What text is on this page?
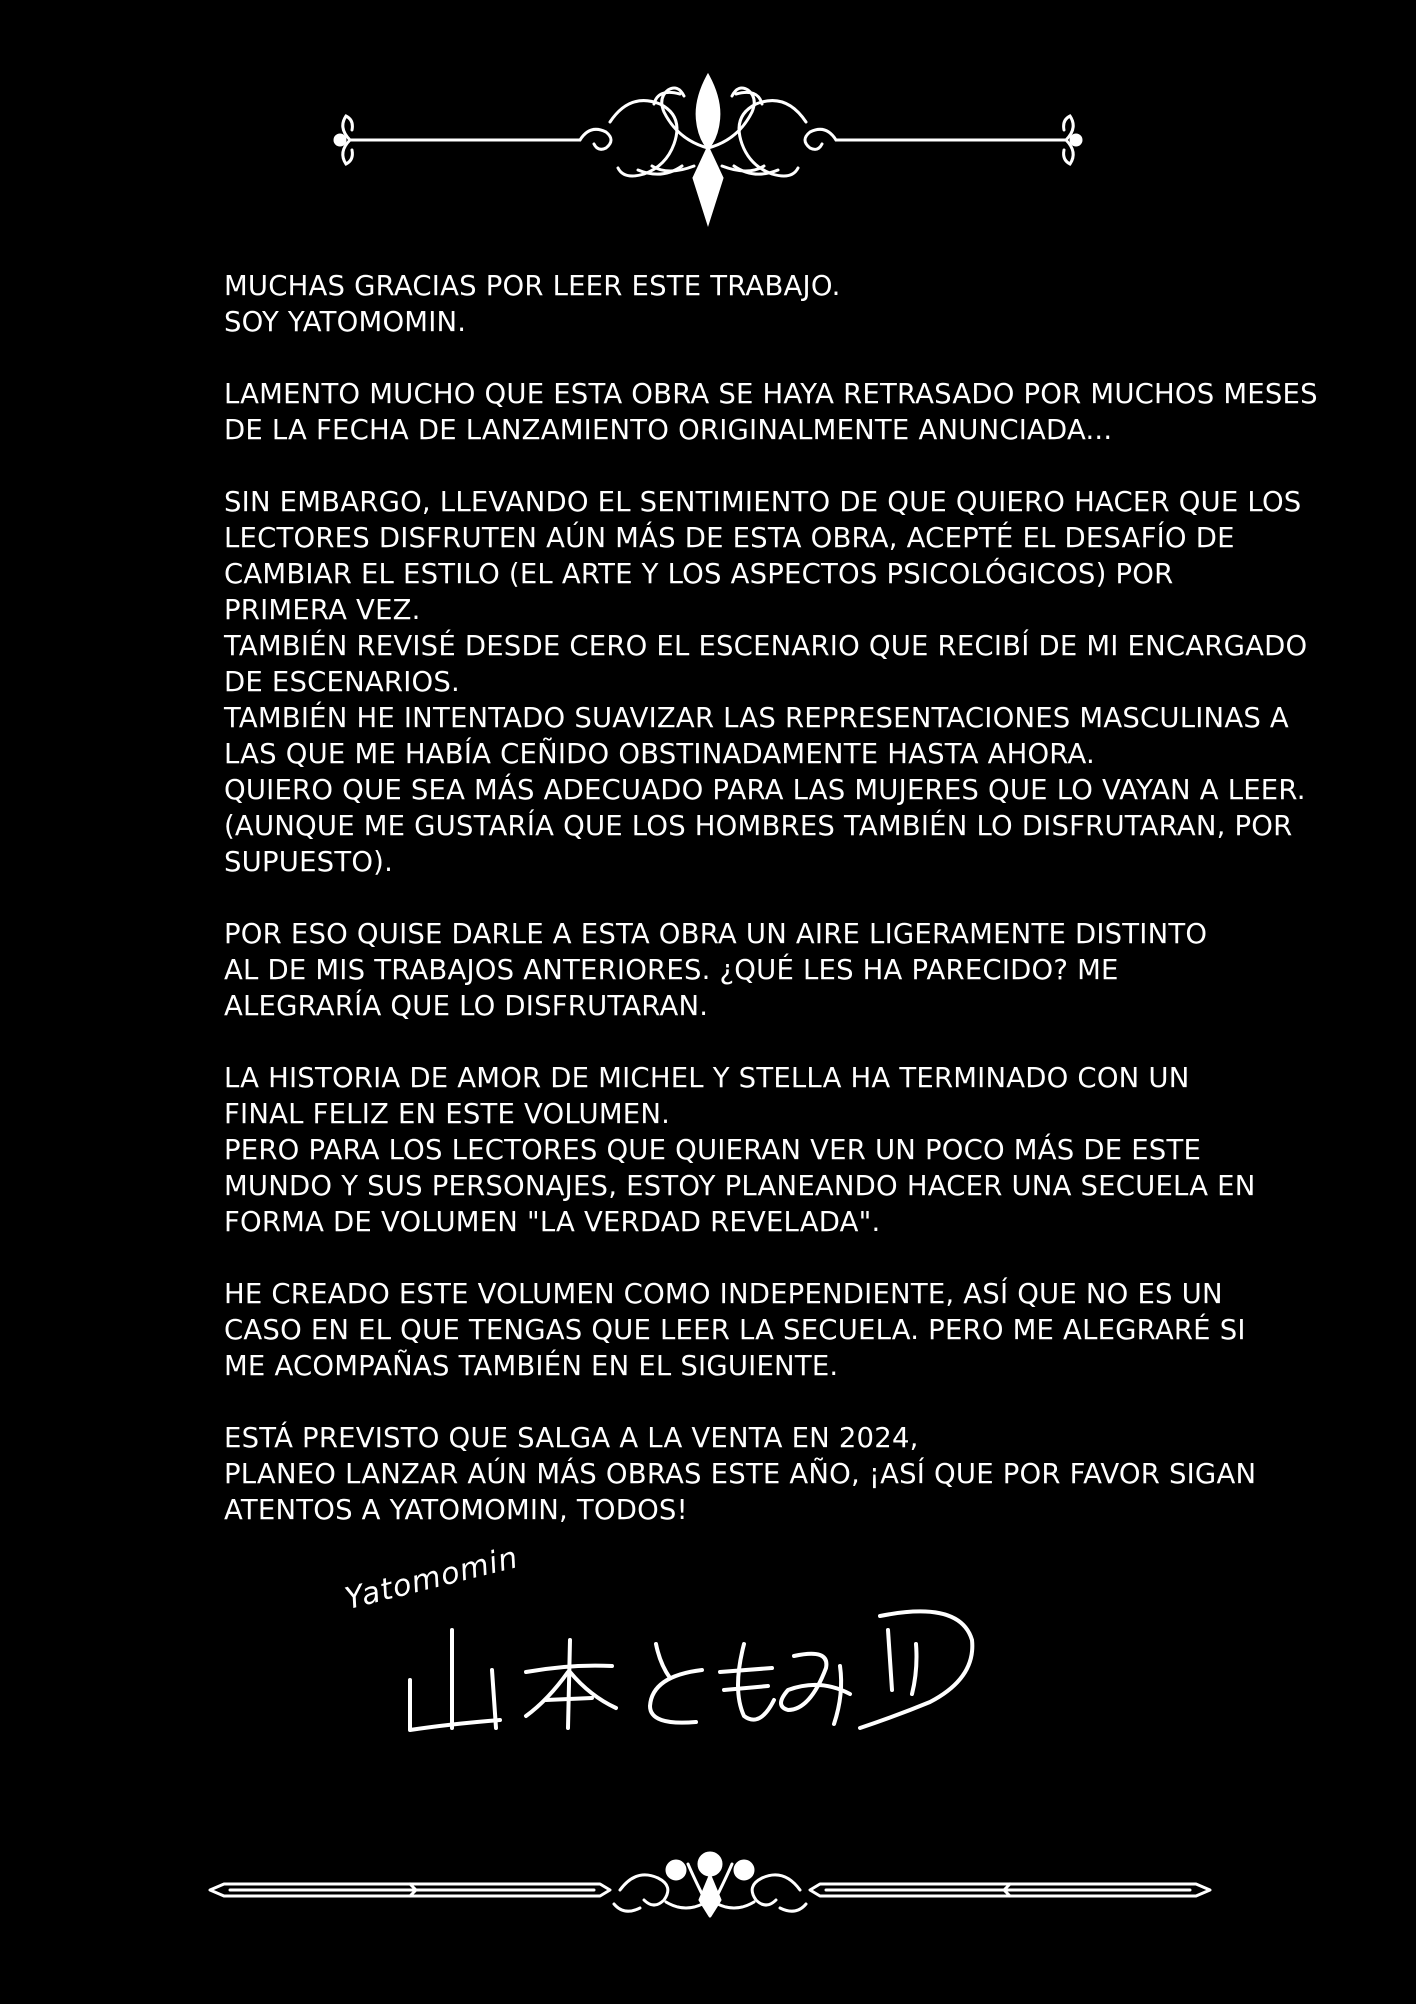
MUCHAS GRACIAS POR LEER ESTE TRABAJO.
SOY YATOMOMIN.

LAMENTO MUCHO QUE ESTA OBRA SE HAYA RETRASADO POR MUCHOS MESES
DE LA FECHA DE LANZAMIENTO ORIGINALMENTE ANUNCIADA...

SIN EMBARGO, LLEVANDO EL SENTIMIENTO DE QUE QUIERO HACER QUE LOS
LECTORES DISFRUTEN AÚN MÁS DE ESTA OBRA, ACEPTÉ EL DESAFÍO DE
CAMBIAR EL ESTILO (EL ARTE Y LOS ASPECTOS PSICOLÓGICOS) POR
PRIMERA VEZ.
TAMBIÉN REVISÉ DESDE CERO EL ESCENARIO QUE RECIBÍ DE MI ENCARGADO
DE ESCENARIOS.
TAMBIÉN HE INTENTADO SUAVIZAR LAS REPRESENTACIONES MASCULINAS A
LAS QUE ME HABÍA CEÑIDO OBSTINADAMENTE HASTA AHORA.
QUIERO QUE SEA MÁS ADECUADO PARA LAS MUJERES QUE LO VAYAN A LEER.
(AUNQUE ME GUSTARÍA QUE LOS HOMBRES TAMBIÉN LO DISFRUTARAN, POR
SUPUESTO).

POR ESO QUISE DARLE A ESTA OBRA UN AIRE LIGERAMENTE DISTINTO
AL DE MIS TRABAJOS ANTERIORES. ¿QUÉ LES HA PARECIDO? ME
ALEGRARÍA QUE LO DISFRUTARAN.

LA HISTORIA DE AMOR DE MICHEL Y STELLA HA TERMINADO CON UN
FINAL FELIZ EN ESTE VOLUMEN.
PERO PARA LOS LECTORES QUE QUIERAN VER UN POCO MÁS DE ESTE
MUNDO Y SUS PERSONAJES, ESTOY PLANEANDO HACER UNA SECUELA EN
FORMA DE VOLUMEN "LA VERDAD REVELADA".

HE CREADO ESTE VOLUMEN COMO INDEPENDIENTE, ASÍ QUE NO ES UN
CASO EN EL QUE TENGAS QUE LEER LA SECUELA. PERO ME ALEGRARÉ SI
ME ACOMPAÑAS TAMBIÉN EN EL SIGUIENTE.

ESTÁ PREVISTO QUE SALGA A LA VENTA EN 2024,
PLANEO LANZAR AÚN MÁS OBRAS ESTE AÑO, ¡ASÍ QUE POR FAVOR SIGAN
ATENTOS A YATOMOMIN, TODOS!

Yatomomin
